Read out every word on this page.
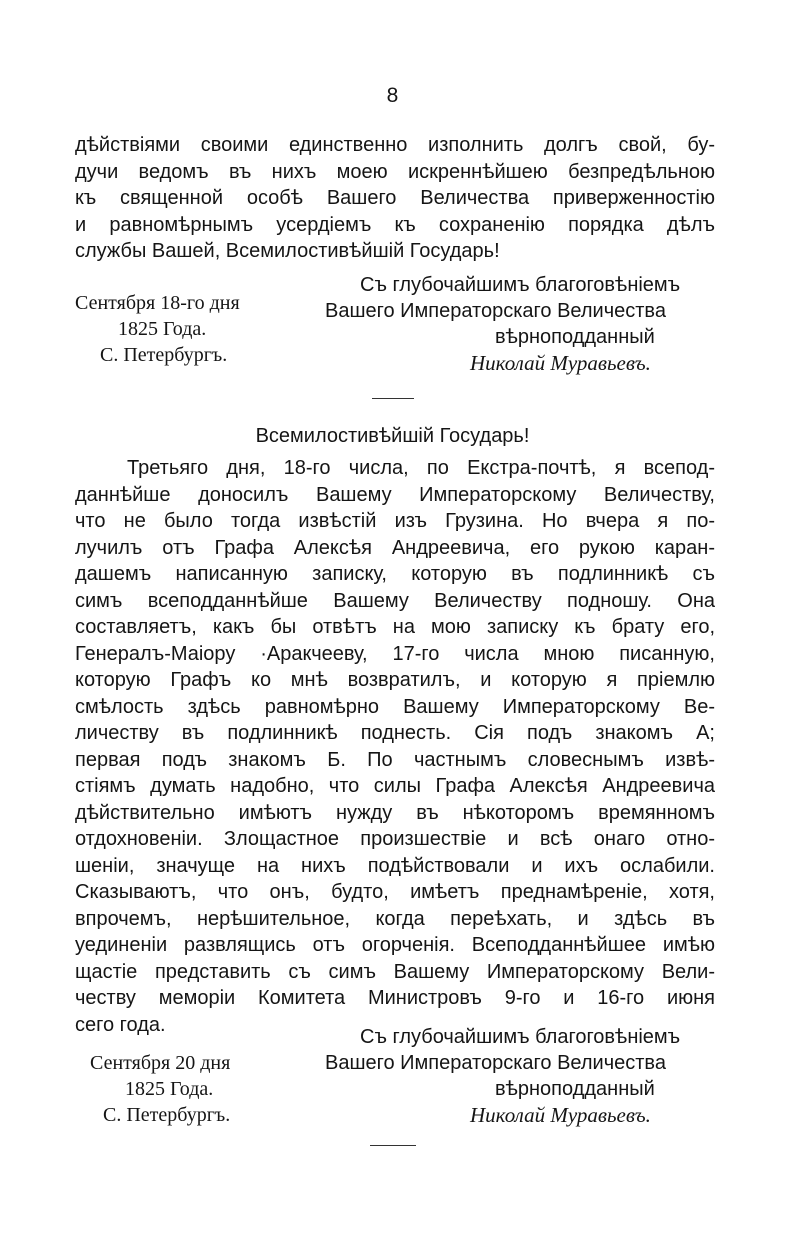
8
дѣйствіями своими единственно изполнить долгъ свой, бу-
дучи ведомъ въ нихъ моею искреннѣйшею безпредѣльною
къ священной особѣ Вашего Величества приверженностію
и равномѣрнымъ усердіемъ къ сохраненію порядка дѣлъ
службы Вашей, Всемилостивѣйшій Государь!
Съ глубочайшимъ благоговѣніемъ
Вашего Императорскаго Величества
вѣрноподданный
Николай Муравьевъ.
Сентября 18-го дня
1825 Года.
С. Петербургъ.
Всемилостивѣйшій Государь!
Третьяго дня, 18-го числа, по Екстра-почтѣ, я всепод-
даннѣйше доносилъ Вашему Императорскому Величеству,
что не было тогда извѣстій изъ Грузина. Но вчера я по-
лучилъ отъ Графа Алексѣя Андреевича, его рукою каран-
дашемъ написанную записку, которую въ подлинникѣ съ
симъ всеподданнѣйше Вашему Величеству подношу. Она
составляетъ, какъ бы отвѣтъ на мою записку къ брату его,
Генералъ-Маіору ·Аракчееву, 17-го числа мною писанную,
которую Графъ ко мнѣ возвратилъ, и которую я пріемлю
смѣлость здѣсь равномѣрно Вашему Императорскому Ве-
личеству въ подлинникѣ поднесть. Сія подъ знакомъ А;
первая подъ знакомъ Б. По частнымъ словеснымъ извѣ-
стіямъ думать надобно, что силы Графа Алексѣя Андреевича
дѣйствительно имѣютъ нужду въ нѣкоторомъ времянномъ
отдохновеніи. Злощастное произшествіе и всѣ онаго отно-
шеніи, значуще на нихъ подѣйствовали и ихъ ослабили.
Сказываютъ, что онъ, будто, имѣетъ преднамѣреніе, хотя,
впрочемъ, нерѣшительное, когда переѣхать, и здѣсь въ
уединеніи развлящись отъ огорченія. Всеподданнѣйшее имѣю
щастіе представить съ симъ Вашему Императорскому Вели-
честву меморіи Комитета Министровъ 9-го и 16-го июня
сего года.
Съ глубочайшимъ благоговѣніемъ
Вашего Императорскаго Величества
вѣрноподданный
Николай Муравьевъ.
Сентября 20 дня
1825 Года.
С. Петербургъ.
